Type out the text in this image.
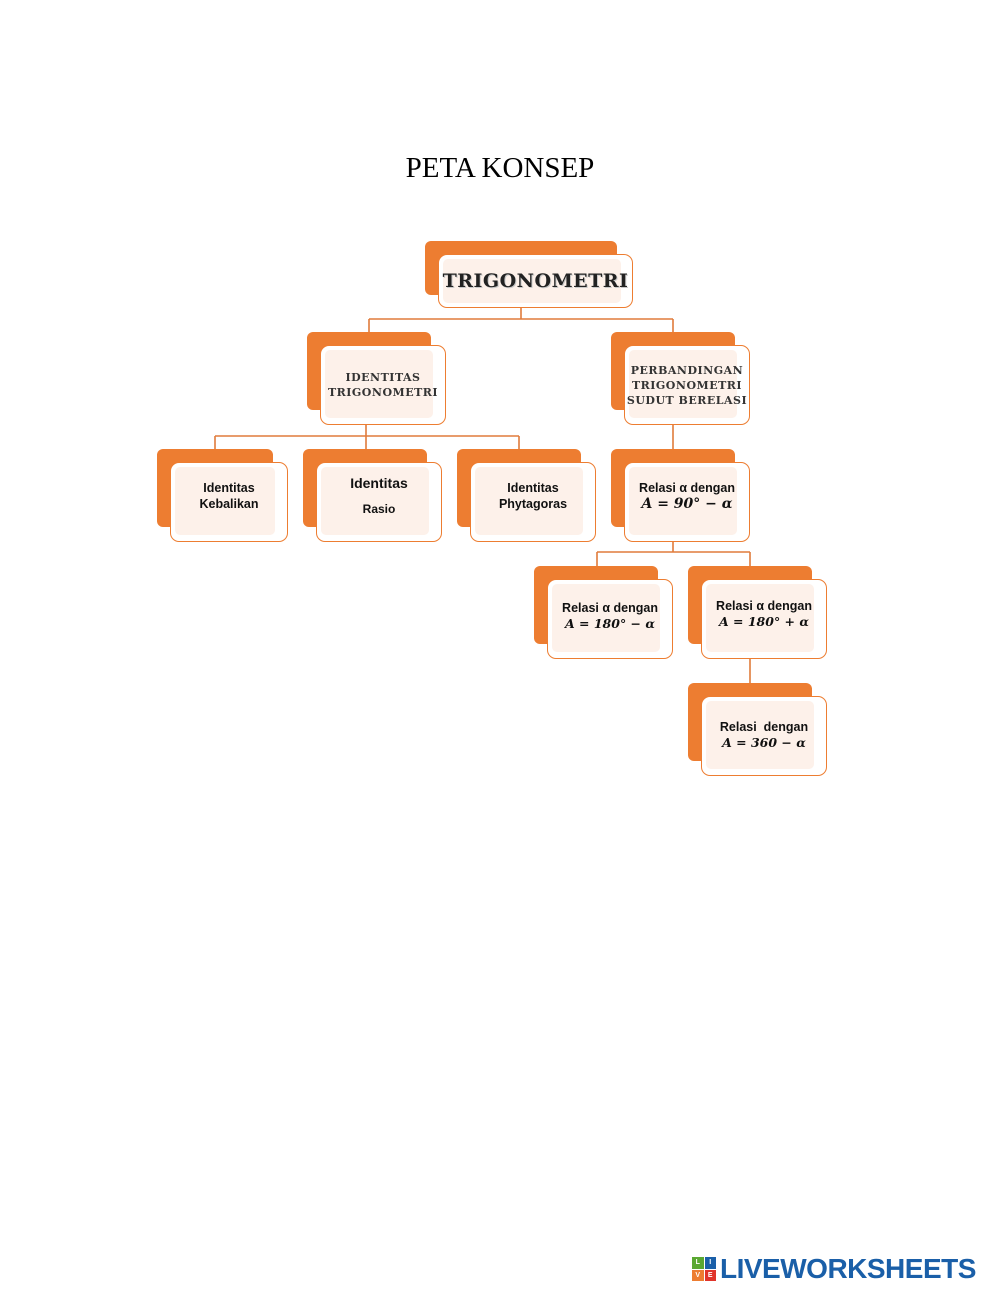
PETA KONSEP
TRIGONOMETRI
IDENTITAS
TRIGONOMETRI
PERBANDINGAN
TRIGONOMETRI
SUDUT BERELASI
Identitas
Kebalikan
Identitas
Rasio
Identitas
Phytagoras
Relasi α dengan
A = 90° − α
Relasi α dengan
A = 180° − α
Relasi α dengan
A = 180° + α
Relasi  dengan
A = 360 − α
L	I
V	E LIVEWORKSHEETS
